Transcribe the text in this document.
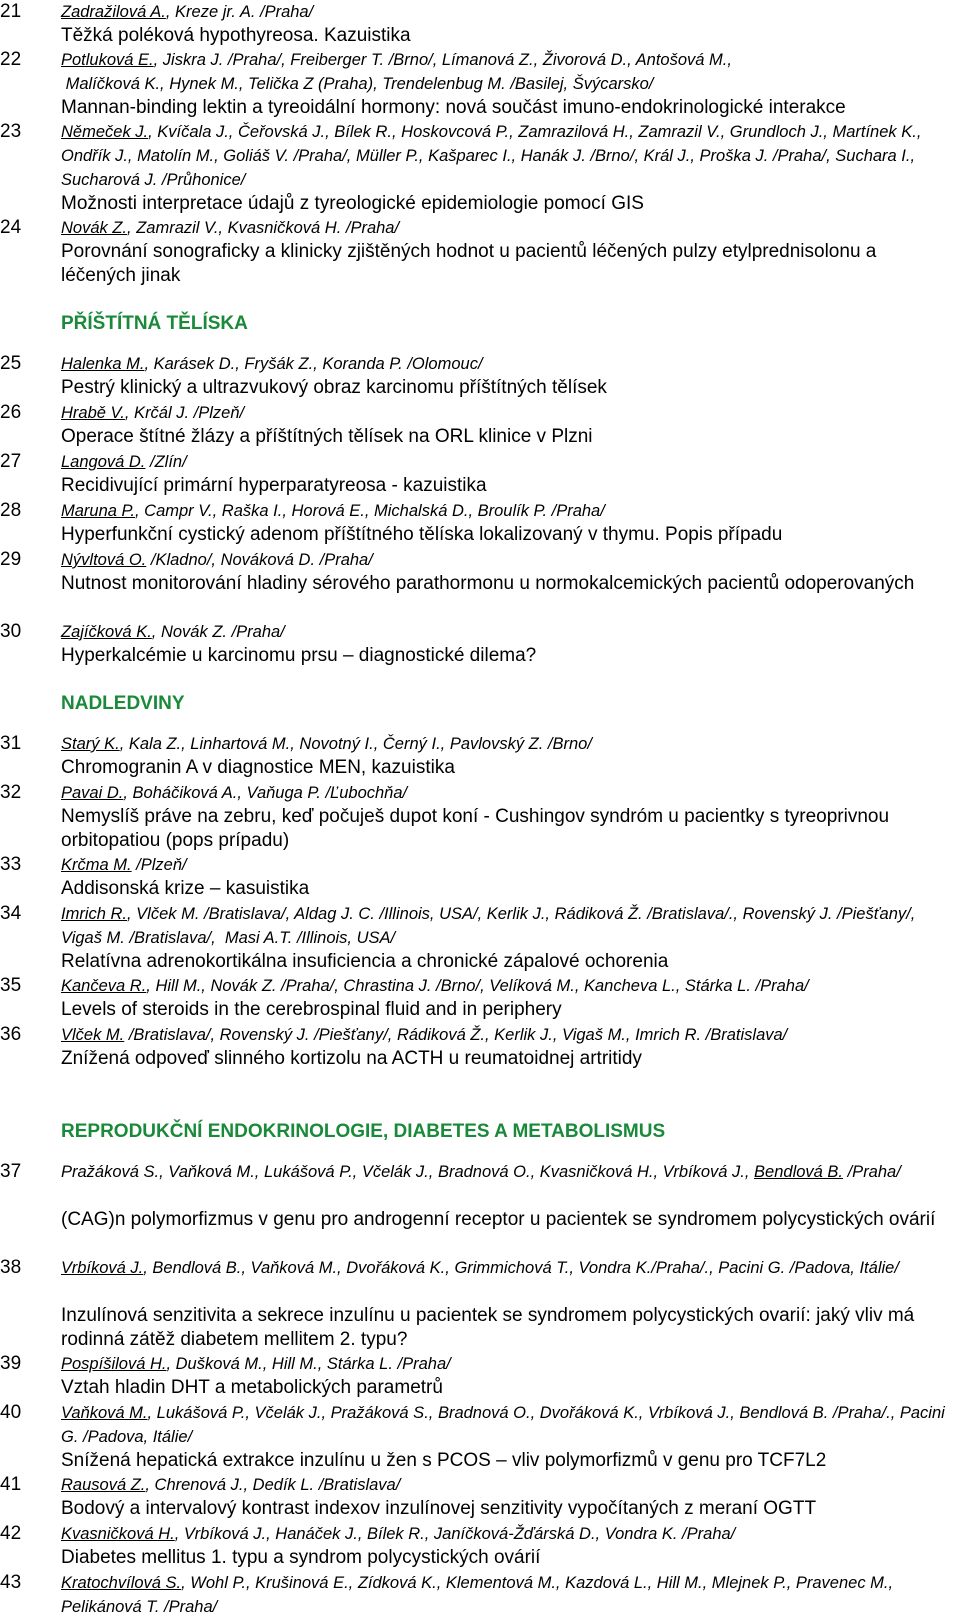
21 Zadražilová A., Kreze jr. A. /Praha/
Těžká poléková hypothyreosa. Kazuistika
22 Potluková E., Jiskra J. /Praha/, Freiberger T. /Brno/, Límanová Z., Živorová D., Antošová M.,
Malíčková K., Hynek M., Telička Z (Praha), Trendelenbug M. /Basilej, Švýcarsko/
Mannan-binding lektin a tyreoidální hormony: nová součást imuno-endokrinologické interakce
23 Němeček J., Kvíčala J., Čeřovská J., Bílek R., Hoskovcová P., Zamrazilová H., Zamrazil V., Grundloch J., Martínek K., Ondřík J., Matolín M., Goliáš V. /Praha/, Müller P., Kašparec I., Hanák J. /Brno/, Král J., Proška J. /Praha/, Suchara I., Sucharová J. /Průhonice/
Možnosti interpretace údajů z tyreologické epidemiologie pomocí GIS
24 Novák Z., Zamrazil V., Kvasničková H. /Praha/
Porovnání sonograficky a klinicky zjištěných hodnot u pacientů léčených pulzy etylprednisolonu a léčených jinak
PŘÍŠTÍTNÁ TĚLÍSKA
25 Halenka M., Karásek D., Fryšák Z., Koranda P. /Olomouc/
Pestrý klinický a ultrazvukový obraz karcinomu příštítných tělísek
26 Hrabě V., Krčál J. /Plzeň/
Operace štítné žlázy a příštítných tělísek na ORL klinice v Plzni
27 Langová D. /Zlín/
Recidivující primární hyperparatyreosa - kazuistika
28 Maruna P., Campr V., Raška I., Horová E., Michalská D., Broulík P. /Praha/
Hyperfunkční cystický adenom příštítného tělíska lokalizovaný v thymu. Popis případu
29 Nývltová O. /Kladno/, Nováková D. /Praha/
Nutnost monitorování hladiny sérového parathormonu u normokalcemických pacientů odoperovaných
30 Zajíčková K., Novák Z. /Praha/
Hyperkalcémie u karcinomu prsu – diagnostické dilema?
NADLEDVINY
31 Starý K., Kala Z., Linhartová M., Novotný I., Černý I., Pavlovský Z. /Brno/
Chromogranin A v diagnostice MEN, kazuistika
32 Pavai D., Boháčiková A., Vaňuga P. /Ľubochňa/
Nemyslíš práve na zebru, keď počuješ dupot koní - Cushingov syndróm u pacientky s tyreoprivnou orbitopatiou (pops prípadu)
33 Krčma M. /Plzeň/
Addisonská krize – kasuistika
34 Imrich R., Vlček M. /Bratislava/, Aldag J. C. /Illinois, USA/, Kerlik J., Rádiková Ž. /Bratislava/., Rovenský J. /Piešťany/, Vigaš M. /Bratislava/,  Masi A.T. /Illinois, USA/
Relatívna adrenokortikálna insuficiencia a chronické zápalové ochorenia
35 Kančeva R., Hill M., Novák Z. /Praha/, Chrastina J. /Brno/, Velíková M., Kancheva L., Stárka L. /Praha/
Levels of steroids in the cerebrospinal fluid and in periphery
36 Vlček M. /Bratislava/, Rovenský J. /Piešťany/, Rádiková Ž., Kerlik J., Vigaš M., Imrich R. /Bratislava/
Znížená odpoveď slinného kortizolu na ACTH u reumatoidnej artritidy
REPRODUKČNÍ ENDOKRINOLOGIE, DIABETES A METABOLISMUS
37 Pražáková S., Vaňková M., Lukášová P., Včelák J., Bradnová O., Kvasničková H., Vrbíková J., Bendlová B. /Praha/
(CAG)n polymorfizmus v genu pro androgenní receptor u pacientek se syndromem polycystických ovárií
38 Vrbíková J., Bendlová B., Vaňková M., Dvořáková K., Grimmichová T., Vondra K./Praha/., Pacini G. /Padova, Itálie/
Inzulínová senzitivita a sekrece inzulínu u pacientek se syndromem polycystických ovarií: jaký vliv má rodinná zátěž diabetem mellitem 2. typu?
39 Pospíšilová H., Dušková M., Hill M., Stárka L. /Praha/
Vztah hladin DHT a metabolických parametrů
40 Vaňková M., Lukášová P., Včelák J., Pražáková S., Bradnová O., Dvořáková K., Vrbíková J., Bendlová B. /Praha/., Pacini G. /Padova, Itálie/
Snížená hepatická extrakce inzulínu u žen s PCOS – vliv polymorfizmů v genu pro TCF7L2
41 Rausová Z., Chrenová J., Dedík L. /Bratislava/
Bodový a intervalový kontrast indexov inzulínovej senzitivity vypočítaných z meraní OGTT
42 Kvasničková H., Vrbíková J., Hanáček J., Bílek R., Janíčková-Žďárská D., Vondra K. /Praha/
Diabetes mellitus 1. typu a syndrom polycystických ovárií
43 Kratochvílová S., Wohl P., Krušinová E., Zídková K., Klementová M., Kazdová L., Hill M., Mlejnek P., Pravenec M., Pelikánová T. /Praha/
